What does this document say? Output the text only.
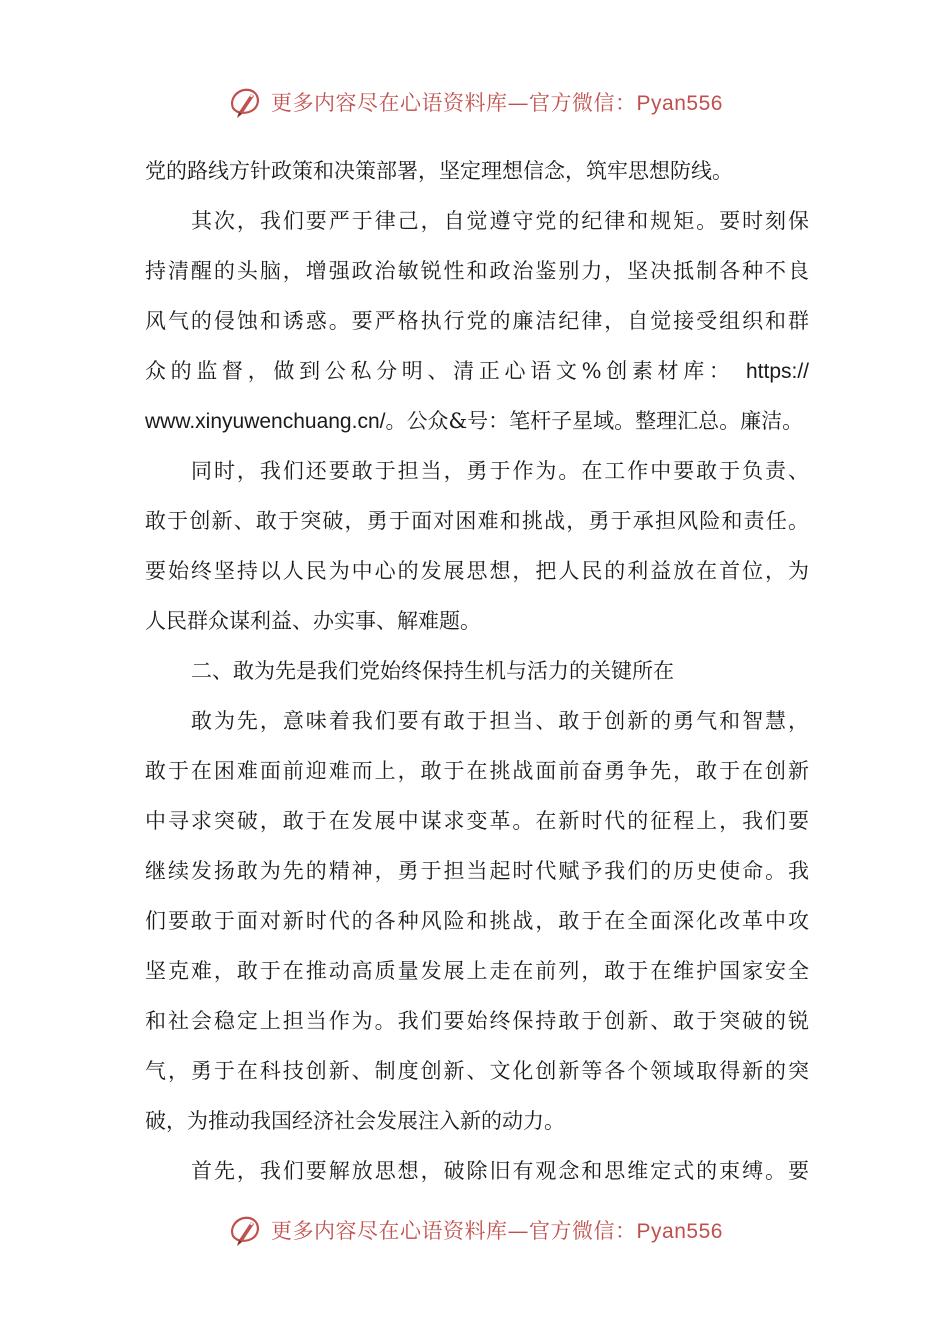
更多内容尽在心语资料库—官方微信：Pyan556
党的路线方针政策和决策部署，坚定理想信念，筑牢思想防线。
其次，我们要严于律己，自觉遵守党的纪律和规矩。要时刻保
持清醒的头脑，增强政治敏锐性和政治鉴别力，坚决抵制各种不良
风气的侵蚀和诱惑。要严格执行党的廉洁纪律，自觉接受组织和群
众的监督，做到公私分明、清正心语文%创素材库： https://
www.xinyuwenchuang.cn/。公众&号：笔杆子星域。整理汇总。廉洁。
同时，我们还要敢于担当，勇于作为。在工作中要敢于负责、
敢于创新、敢于突破，勇于面对困难和挑战，勇于承担风险和责任。
要始终坚持以人民为中心的发展思想，把人民的利益放在首位，为
人民群众谋利益、办实事、解难题。
二、敢为先是我们党始终保持生机与活力的关键所在
敢为先，意味着我们要有敢于担当、敢于创新的勇气和智慧，
敢于在困难面前迎难而上，敢于在挑战面前奋勇争先，敢于在创新
中寻求突破，敢于在发展中谋求变革。在新时代的征程上，我们要
继续发扬敢为先的精神，勇于担当起时代赋予我们的历史使命。我
们要敢于面对新时代的各种风险和挑战，敢于在全面深化改革中攻
坚克难，敢于在推动高质量发展上走在前列，敢于在维护国家安全
和社会稳定上担当作为。我们要始终保持敢于创新、敢于突破的锐
气，勇于在科技创新、制度创新、文化创新等各个领域取得新的突
破，为推动我国经济社会发展注入新的动力。
首先，我们要解放思想，破除旧有观念和思维定式的束缚。要
更多内容尽在心语资料库—官方微信：Pyan556
